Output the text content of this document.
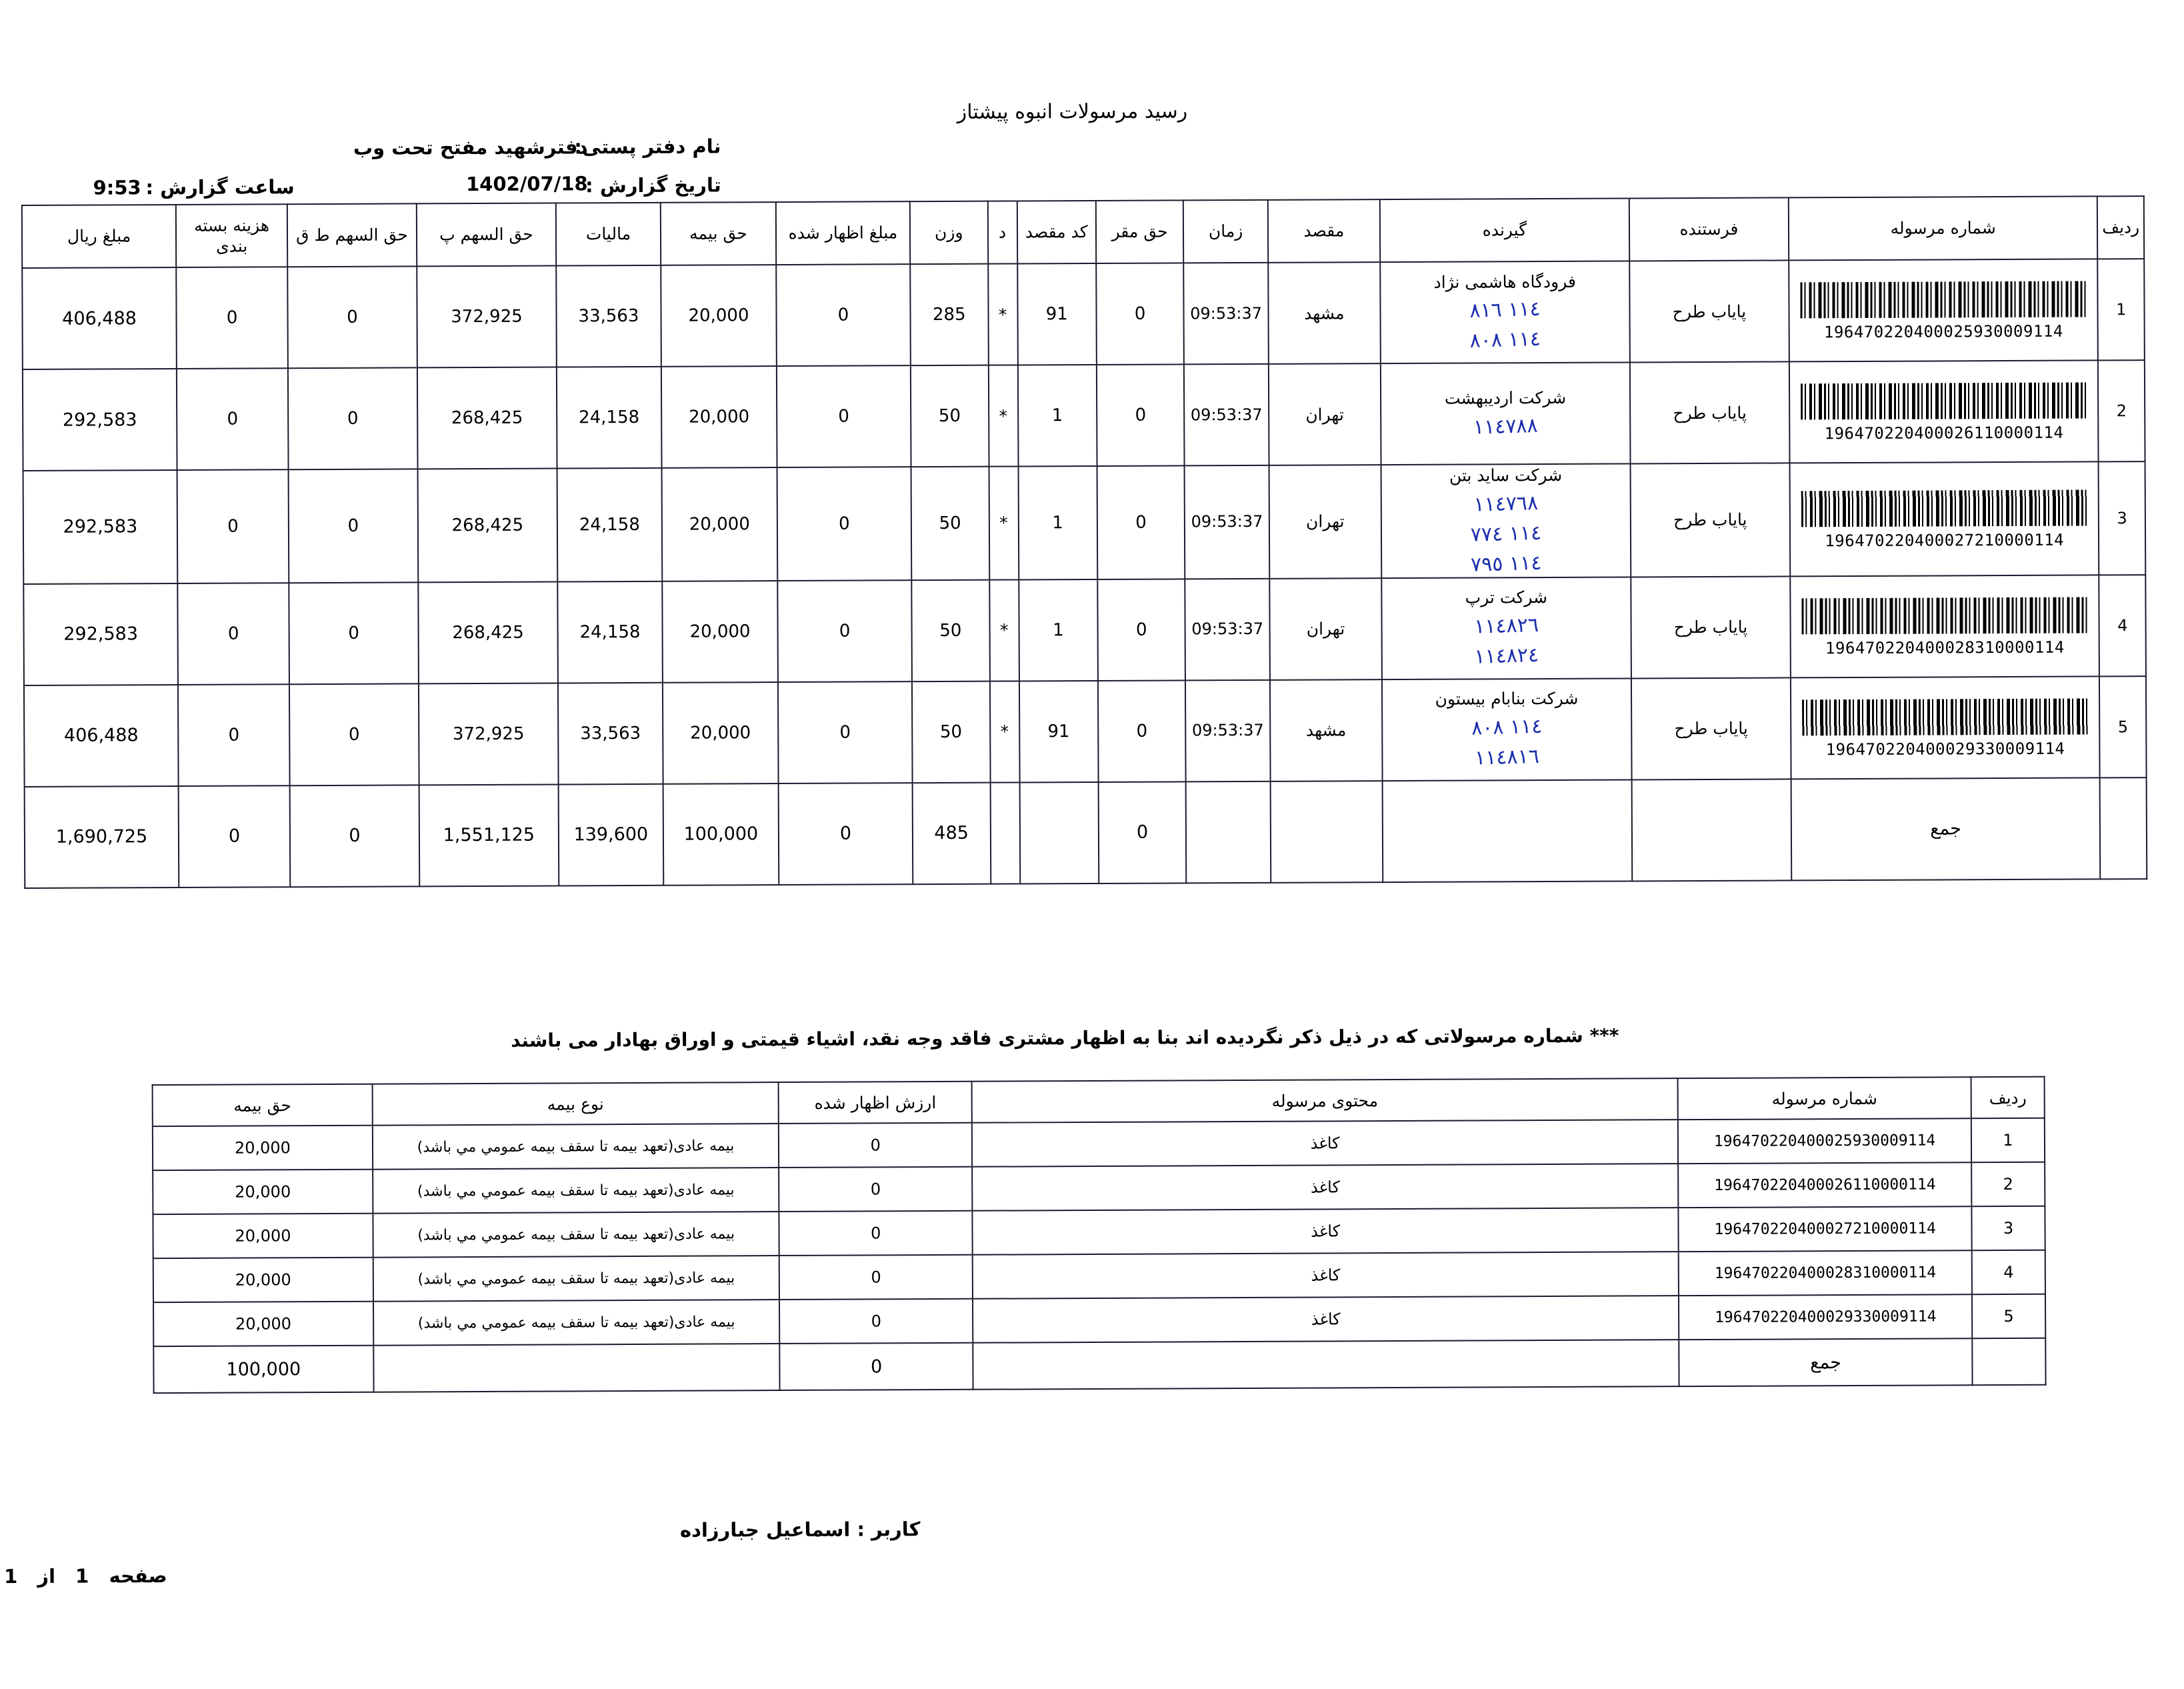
رسید مرسولات انبوه پیشتاز
نام دفتر پستی:
دفترشهید مفتح تحت وب
تاریخ گزارش :
1402/07/18
ساعت گزارش :
9:53
ردیف	شماره مرسوله	فرستنده	گیرنده	مقصد	زمان	حق مقر	کد مقصد	د	وزن	مبلغ اظهار شده	حق بیمه	مالیات	حق السهم پ	حق السهم ط ق	هزینه بسته بندی	مبلغ ریال
1	196470220400025930009114	پایاب طرح	فرودگاه هاشمی نژاد
١١٤ ٨١٦
١١٤ ٨٠٨	مشهد	09:53:37	0	91	*	285	0	20,000	33,563	372,925	0	0	406,488
2	196470220400026110000114	پایاب طرح	شرکت اردیبهشت
١١٤٧٨٨	تهران	09:53:37	0	1	*	50	0	20,000	24,158	268,425	0	0	292,583
3	196470220400027210000114	پایاب طرح	شرکت ساید بتن
١١٤٧٦٨
١١٤ ٧٧٤
١١٤ ٧٩٥	تهران	09:53:37	0	1	*	50	0	20,000	24,158	268,425	0	0	292,583
4	196470220400028310000114	پایاب طرح	شرکت ترپ
١١٤٨٢٦
١١٤٨٢٤	تهران	09:53:37	0	1	*	50	0	20,000	24,158	268,425	0	0	292,583
5	196470220400029330009114	پایاب طرح	شرکت بنابام بیستون
١١٤ ٨٠٨
١١٤٨١٦	مشهد	09:53:37	0	91	*	50	0	20,000	33,563	372,925	0	0	406,488
	جمع					0			485	0	100,000	139,600	1,551,125	0	0	1,690,725
*** شماره مرسولاتی که در ذیل ذکر نگردیده اند بنا به اظهار مشتری فاقد وجه نقد، اشیاء قیمتی و اوراق بهادار می باشند
ردیف	شماره مرسوله	محتوی مرسوله	ارزش اظهار شده	نوع بیمه	حق بیمه
1	196470220400025930009114	کاغذ	0	بیمه عادی(تعهد بیمه تا سقف بیمه عمومي مي باشد)	20,000
2	196470220400026110000114	کاغذ	0	بیمه عادی(تعهد بیمه تا سقف بیمه عمومي مي باشد)	20,000
3	196470220400027210000114	کاغذ	0	بیمه عادی(تعهد بیمه تا سقف بیمه عمومي مي باشد)	20,000
4	196470220400028310000114	کاغذ	0	بیمه عادی(تعهد بیمه تا سقف بیمه عمومي مي باشد)	20,000
5	196470220400029330009114	کاغذ	0	بیمه عادی(تعهد بیمه تا سقف بیمه عمومي مي باشد)	20,000
	جمع		0		100,000
کاربر : اسماعیل جبارزاده
صفحه 1 از 1
